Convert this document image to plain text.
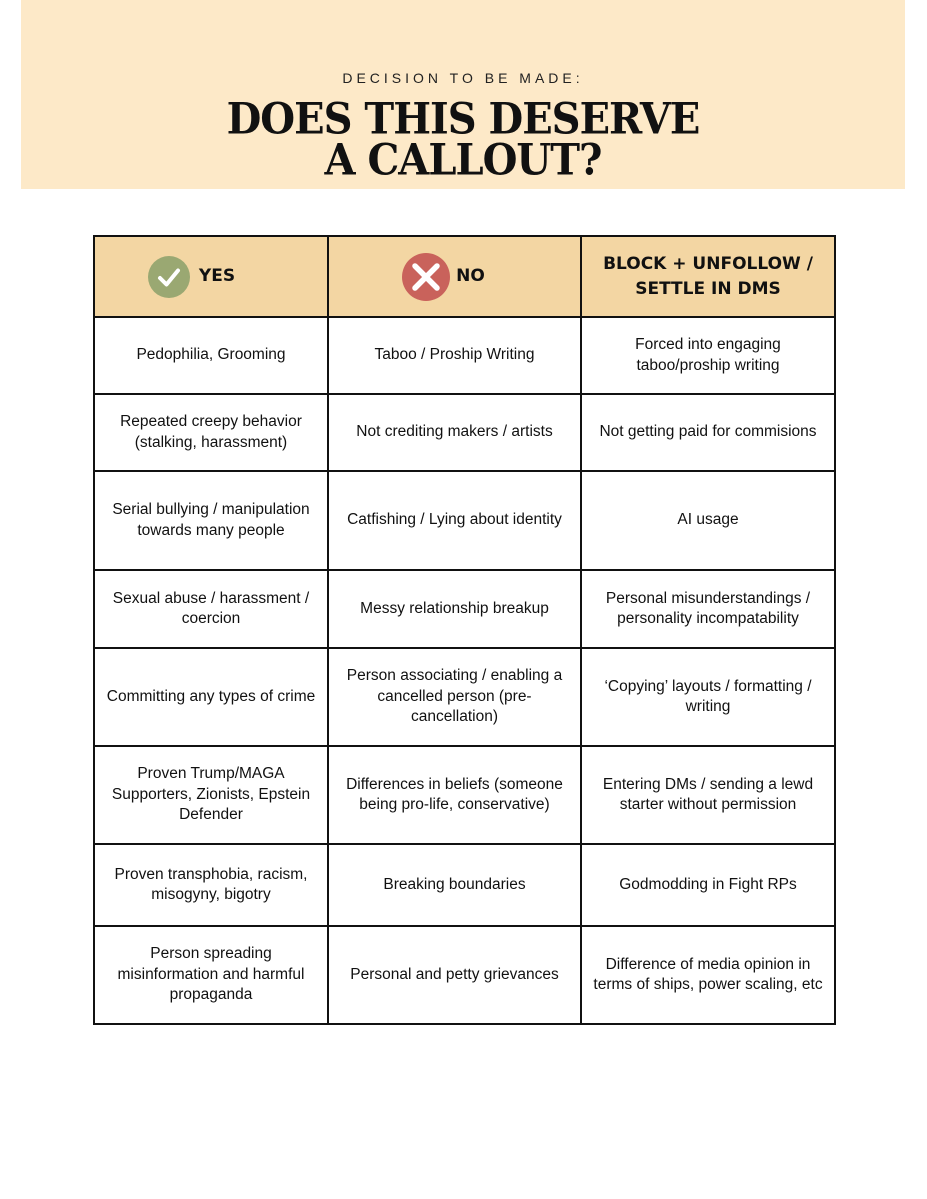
DECISION TO BE MADE:
DOES THIS DESERVE
A CALLOUT?
YES	NO	BLOCK + UNFOLLOW / SETTLE IN DMS

Pedophilia, Grooming	Taboo / Proship Writing	Forced into engaging taboo/proship writing
Repeated creepy behavior (stalking, harassment)	Not crediting makers / artists	Not getting paid for commisions
Serial bullying / manipulation towards many people	Catfishing / Lying about identity	AI usage
Sexual abuse / harassment / coercion	Messy relationship breakup	Personal misunderstandings / personality incompatability
Committing any types of crime	Person associating / enabling a cancelled person (pre-cancellation)	‘Copying’ layouts / formatting / writing
Proven Trump/MAGA Supporters, Zionists, Epstein Defender	Differences in beliefs (someone being pro-life, conservative)	Entering DMs / sending a lewd starter without permission
Proven transphobia, racism, misogyny, bigotry	Breaking boundaries	Godmodding in Fight RPs
Person spreading misinformation and harmful propaganda	Personal and petty grievances	Difference of media opinion in terms of ships, power scaling, etc
